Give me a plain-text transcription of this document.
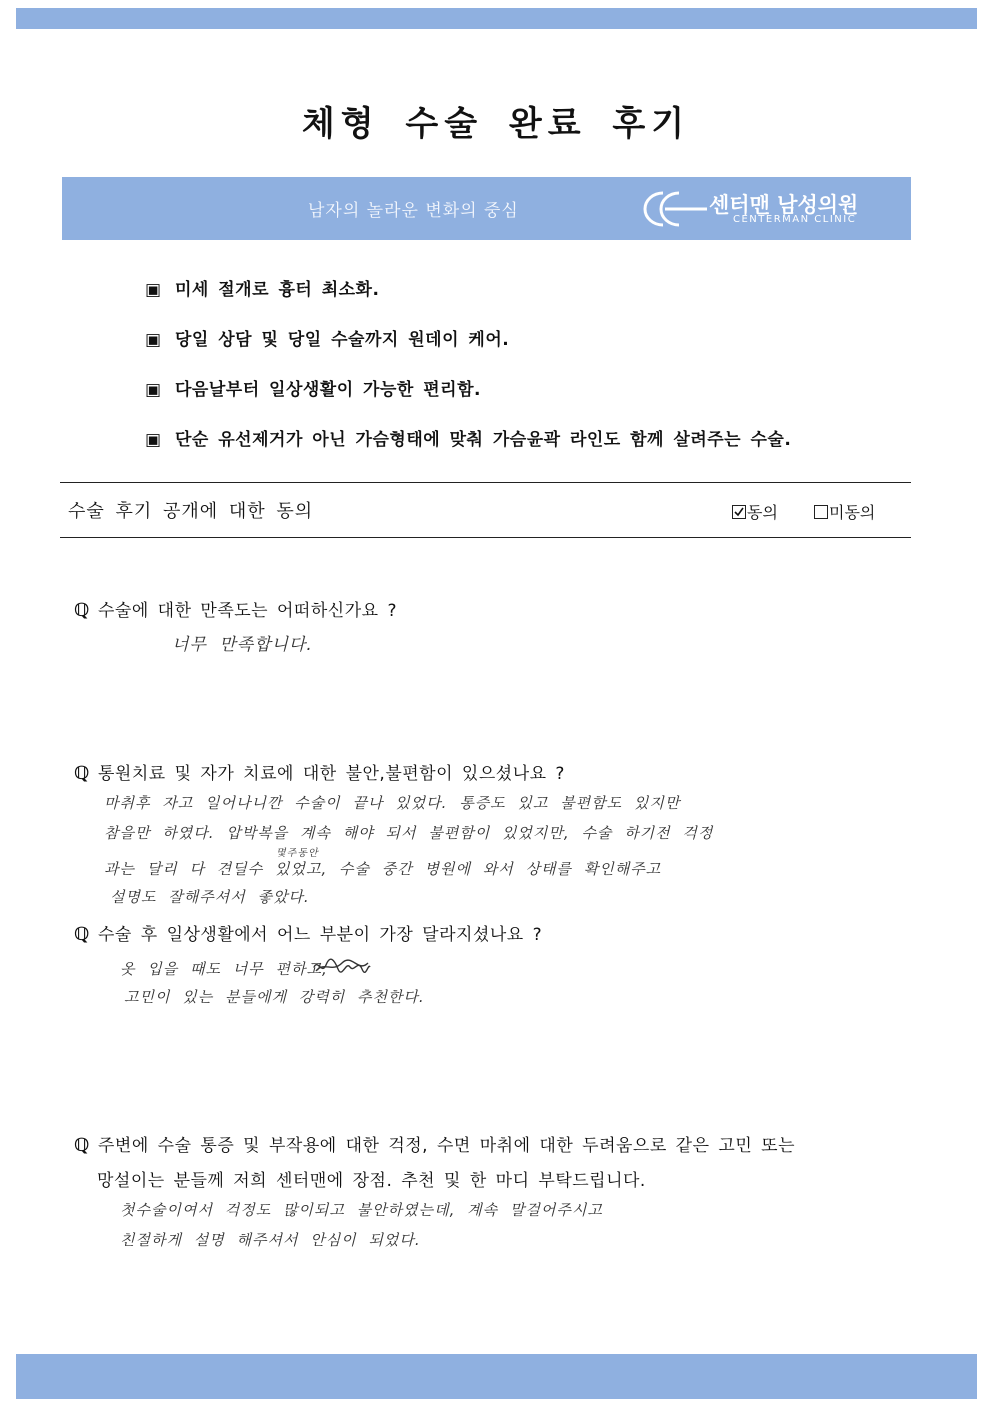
체형 수술 완료 후기
남자의 놀라운 변화의 중심	센터맨 남성의원
CENTERMAN CLINIC
▣ 미세 절개로 흉터 최소화.
▣ 당일 상담 및 당일 수술까지 원데이 케어.
▣ 다음날부터 일상생활이 가능한 편리함.
▣ 단순 유선제거가 아닌 가슴형태에 맞춰 가슴윤곽 라인도 함께 살려주는 수술.
수술 후기 공개에 대한 동의	동의	미동의
ℚ 수술에 대한 만족도는 어떠하신가요 ?
너무 만족합니다.
ℚ 통원치료 및 자가 치료에 대한 불안,불편함이 있으셨나요 ?
마취후 자고 일어나니깐 수술이 끝나 있었다. 통증도 있고 불편함도 있지만
참을만 하였다. 압박복을 계속 해야 되서 불편함이 있었지만, 수술 하기전 걱정
몇주동안
과는 달리 다 견딜수 있었고, 수술 중간 병원에 와서 상태를 확인해주고
설명도 잘해주셔서 좋았다.
ℚ 수술 후 일상생활에서 어느 부분이 가장 달라지셨나요 ?
옷 입을 때도 너무 편하고,
고민이 있는 분들에게 강력히 추천한다.
ℚ 주변에 수술 통증 및 부작용에 대한 걱정, 수면 마취에 대한 두려움으로 같은 고민 또는
망설이는 분들께 저희 센터맨에 장점. 추천 및 한 마디 부탁드립니다.
첫수술이여서 걱정도 많이되고 불안하였는데, 계속 말걸어주시고
친절하게 설명 해주셔서 안심이 되었다.
